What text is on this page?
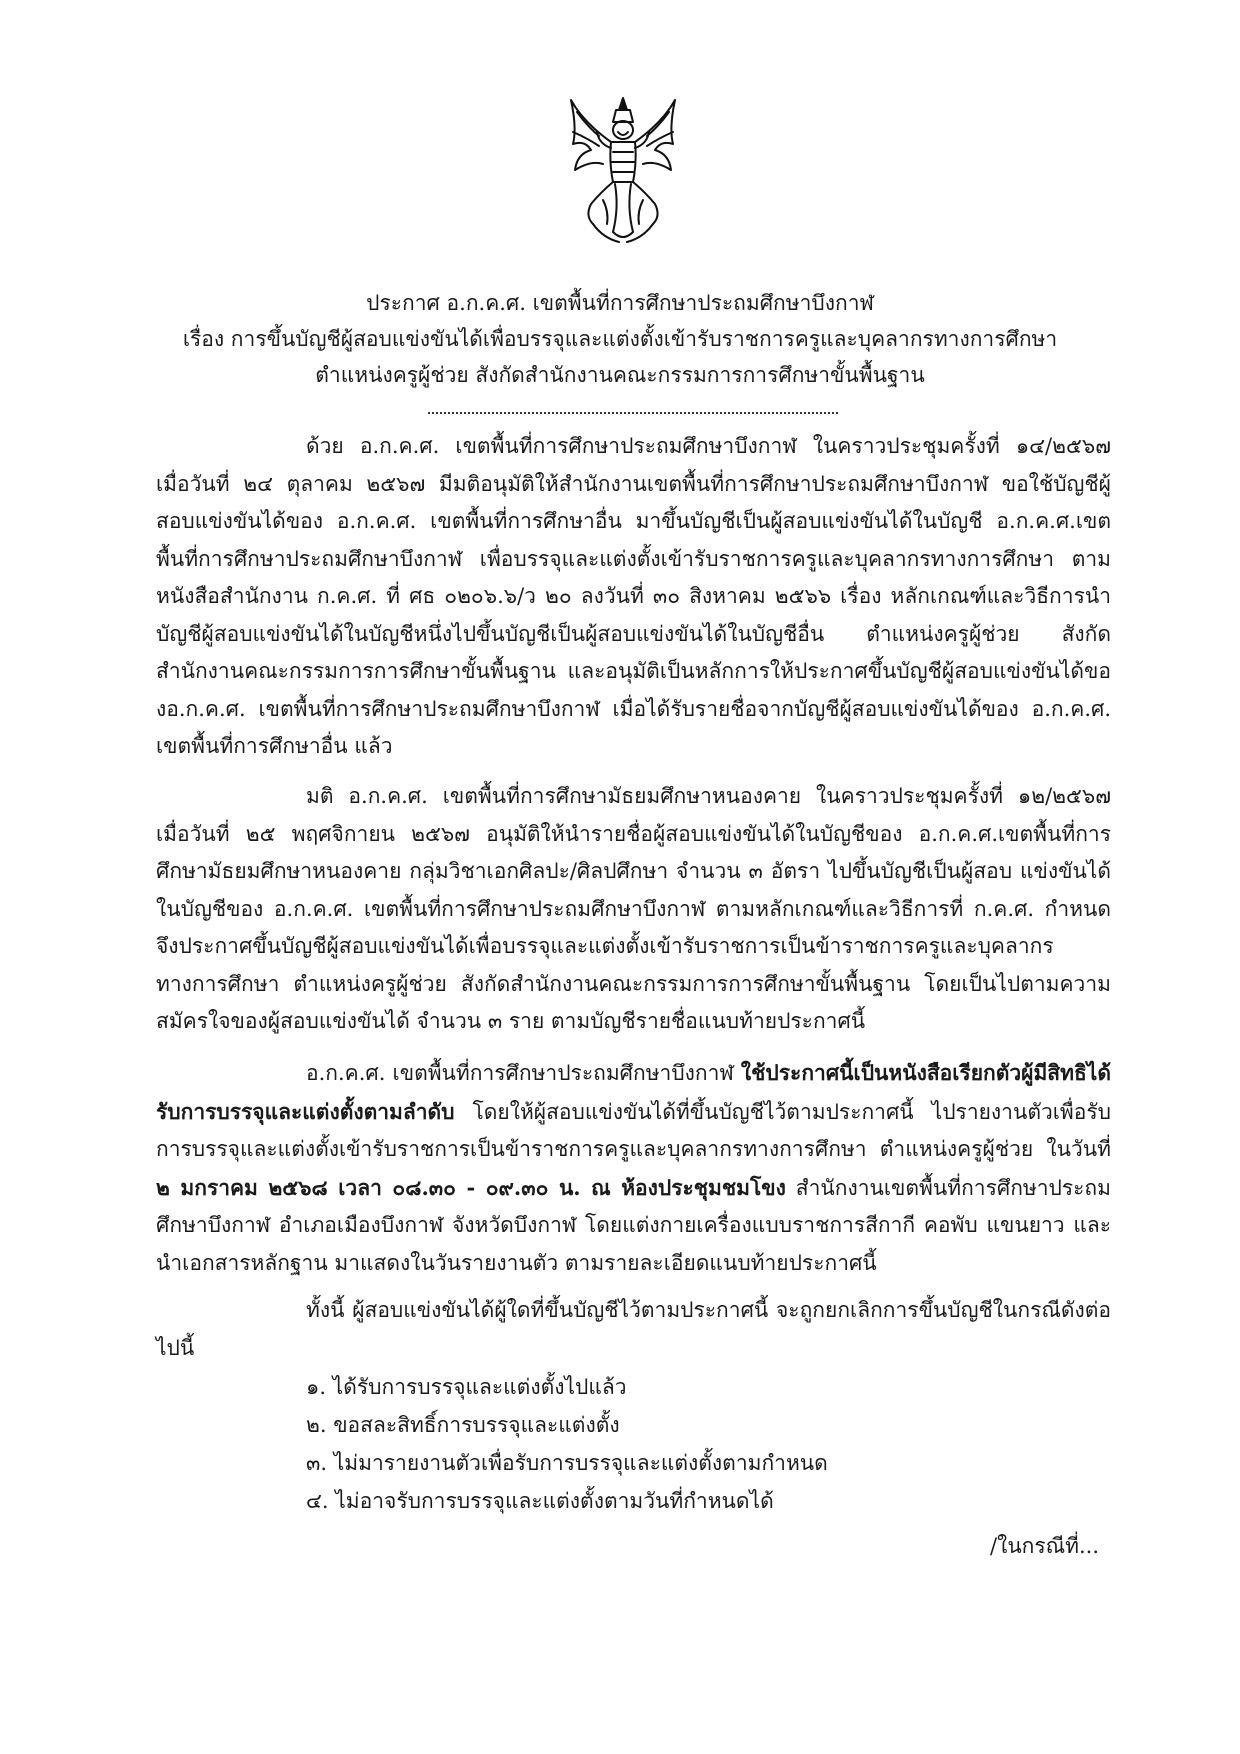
ประกาศ อ.ก.ค.ศ. เขตพื้นที่การศึกษาประถมศึกษาบึงกาฬ
เรื่อง การขึ้นบัญชีผู้สอบแข่งขันได้เพื่อบรรจุและแต่งตั้งเข้ารับราชการครูและบุคลากรทางการศึกษา
ตำแหน่งครูผู้ช่วย สังกัดสำนักงานคณะกรรมการการศึกษาขั้นพื้นฐาน

ด้วย อ.ก.ค.ศ. เขตพื้นที่การศึกษาประถมศึกษาบึงกาฬ ในคราวประชุมครั้งที่ ๑๔/๒๕๖๗ เมื่อวันที่ ๒๔ ตุลาคม ๒๕๖๗ มีมติอนุมัติให้สำนักงานเขตพื้นที่การศึกษาประถมศึกษาบึงกาฬ ขอใช้บัญชีผู้สอบแข่งขันได้ของ อ.ก.ค.ศ. เขตพื้นที่การศึกษาอื่น มาขึ้นบัญชีเป็นผู้สอบแข่งขันได้ในบัญชี อ.ก.ค.ศ.เขตพื้นที่การศึกษาประถมศึกษาบึงกาฬ เพื่อบรรจุและแต่งตั้งเข้ารับราชการครูและบุคลากรทางการศึกษา ตามหนังสือสำนักงาน ก.ค.ศ. ที่ ศธ ๐๒๐๖.๖/ว ๒๐ ลงวันที่ ๓๐ สิงหาคม ๒๕๖๖ เรื่อง หลักเกณฑ์และวิธีการนำบัญชีผู้สอบแข่งขันได้ในบัญชีหนึ่งไปขึ้นบัญชีเป็นผู้สอบแข่งขันได้ในบัญชีอื่น ตำแหน่งครูผู้ช่วย สังกัด สำนักงานคณะกรรมการการศึกษาขั้นพื้นฐาน และอนุมัติเป็นหลักการให้ประกาศขึ้นบัญชีผู้สอบแข่งขันได้ของอ.ก.ค.ศ. เขตพื้นที่การศึกษาประถมศึกษาบึงกาฬ เมื่อได้รับรายชื่อจากบัญชีผู้สอบแข่งขันได้ของ อ.ก.ค.ศ. เขตพื้นที่การศึกษาอื่น แล้ว

มติ อ.ก.ค.ศ. เขตพื้นที่การศึกษามัธยมศึกษาหนองคาย ในคราวประชุมครั้งที่ ๑๒/๒๕๖๗ เมื่อวันที่ ๒๕ พฤศจิกายน ๒๕๖๗ อนุมัติให้นำรายชื่อผู้สอบแข่งขันได้ในบัญชีของ อ.ก.ค.ศ.เขตพื้นที่การศึกษามัธยมศึกษาหนองคาย กลุ่มวิชาเอกศิลปะ/ศิลปศึกษา จำนวน ๓ อัตรา ไปขึ้นบัญชีเป็นผู้สอบ แข่งขันได้ในบัญชีของ อ.ก.ค.ศ. เขตพื้นที่การศึกษาประถมศึกษาบึงกาฬ ตามหลักเกณฑ์และวิธีการที่ ก.ค.ศ. กำหนด จึงประกาศขึ้นบัญชีผู้สอบแข่งขันได้เพื่อบรรจุและแต่งตั้งเข้ารับราชการเป็นข้าราชการครูและบุคลากรทางการศึกษา ตำแหน่งครูผู้ช่วย สังกัดสำนักงานคณะกรรมการการศึกษาขั้นพื้นฐาน โดยเป็นไปตามความสมัครใจของผู้สอบแข่งขันได้ จำนวน ๓ ราย ตามบัญชีรายชื่อแนบท้ายประกาศนี้

อ.ก.ค.ศ. เขตพื้นที่การศึกษาประถมศึกษาบึงกาฬ ใช้ประกาศนี้เป็นหนังสือเรียกตัวผู้มีสิทธิได้รับการบรรจุและแต่งตั้งตามลำดับ โดยให้ผู้สอบแข่งขันได้ที่ขึ้นบัญชีไว้ตามประกาศนี้ ไปรายงานตัวเพื่อรับการบรรจุและแต่งตั้งเข้ารับราชการเป็นข้าราชการครูและบุคลากรทางการศึกษา ตำแหน่งครูผู้ช่วย ในวันที่ ๒ มกราคม ๒๕๖๘ เวลา ๐๘.๓๐ - ๐๙.๓๐ น. ณ ห้องประชุมชมโขง สำนักงานเขตพื้นที่การศึกษาประถมศึกษาบึงกาฬ อำเภอเมืองบึงกาฬ จังหวัดบึงกาฬ โดยแต่งกายเครื่องแบบราชการสีกากี คอพับ แขนยาว และนำเอกสารหลักฐาน มาแสดงในวันรายงานตัว ตามรายละเอียดแนบท้ายประกาศนี้

ทั้งนี้ ผู้สอบแข่งขันได้ผู้ใดที่ขึ้นบัญชีไว้ตามประกาศนี้ จะถูกยกเลิกการขึ้นบัญชีในกรณีดังต่อไปนี้

๑. ได้รับการบรรจุและแต่งตั้งไปแล้ว
๒. ขอสละสิทธิ์การบรรจุและแต่งตั้ง
๓. ไม่มารายงานตัวเพื่อรับการบรรจุและแต่งตั้งตามกำหนด
๔. ไม่อาจรับการบรรจุและแต่งตั้งตามวันที่กำหนดได้
/ในกรณีที่...
